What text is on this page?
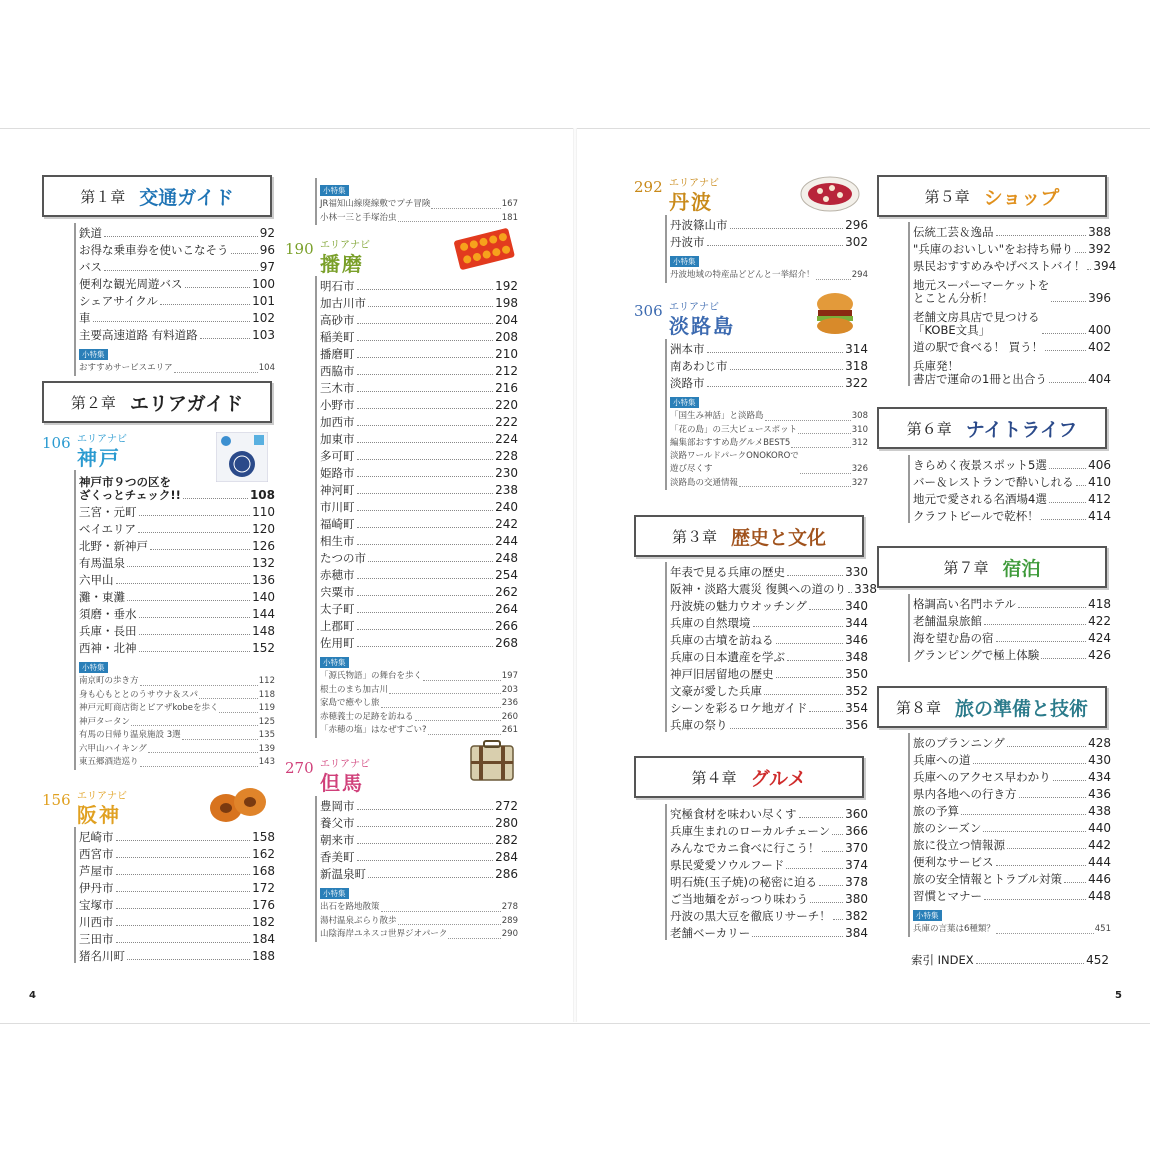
4	5
第１章 交通ガイド
鉄道	92
お得な乗車券を使いこなそう	96
バス	97
便利な観光周遊バス	100
シェアサイクル	101
車	102
主要高速道路 有料道路	103
小特集
おすすめサービスエリア	104
第２章 エリアガイド
106 エリアナビ
神戸
神戸市９つの区を
ざくっとチェック!!	108
三宮・元町	110
ベイエリア	120
北野・新神戸	126
有馬温泉	132
六甲山	136
灘・東灘	140
須磨・垂水	144
兵庫・長田	148
西神・北神	152
小特集
南京町の歩き方	112
身も心もととのうサウナ＆スパ	118
神戸元町商店街とピアザkobeを歩く	119
神戸タータン	125
有馬の日帰り温泉施設 3選	135
六甲山ハイキング	139
東五郷酒造巡り	143
156 エリアナビ
阪神
尼崎市	158
西宮市	162
芦屋市	168
伊丹市	172
宝塚市	176
川西市	182
三田市	184
猪名川町	188
小特集
JR福知山線廃線敷でプチ冒険	167
小林一三と手塚治虫	181
190 エリアナビ
播磨
明石市	192
加古川市	198
高砂市	204
稲美町	208
播磨町	210
西脇市	212
三木市	216
小野市	220
加西市	222
加東市	224
多可町	228
姫路市	230
神河町	238
市川町	240
福崎町	242
相生市	244
たつの市	248
赤穂市	254
宍粟市	262
太子町	264
上郡町	266
佐用町	268
小特集
「源氏物語」の舞台を歩く	197
根土のまち加古川	203
家島で癒やし旅	236
赤穂義士の足跡を訪ねる	260
「赤穂の塩」はなぜすごい?	261
270 エリアナビ
但馬
豊岡市	272
養父市	280
朝来市	282
香美町	284
新温泉町	286
小特集
出石を路地散策	278
湯村温泉ぶらり散歩	289
山陰海岸ユネスコ世界ジオパーク	290
292 エリアナビ
丹波
丹波篠山市	296
丹波市	302
小特集
丹波地域の特産品どどんと一挙紹介！	294
306 エリアナビ
淡路島
洲本市	314
南あわじ市	318
淡路市	322
小特集
「国生み神話」と淡路島	308
「花の島」の三大ビュースポット	310
編集部おすすめ島グルメBEST5	312
淡路ワールドパークONOKOROで
遊び尽くす	326
淡路島の交通情報	327
第３章 歴史と文化
年表で見る兵庫の歴史	330
阪神・淡路大震災 復興への道のり 338
丹波焼の魅力ウオッチング	340
兵庫の自然環境	344
兵庫の古墳を訪ねる	346
兵庫の日本遺産を学ぶ	348
神戸旧居留地の歴史	350
文豪が愛した兵庫	352
シーンを彩るロケ地ガイド	354
兵庫の祭り	356
第４章 グルメ
究極食材を味わい尽くす	360
兵庫生まれのローカルチェーン 366
みんなでカニ食べに行こう！ 370
県民愛愛ソウルフード	374
明石焼(玉子焼)の秘密に迫る 378
ご当地麺をがっつり味わう	380
丹波の黒大豆を徹底リサーチ！ 382
老舗ベーカリー	384
第５章 ショップ
伝統工芸＆逸品	388
"兵庫のおいしい"をお持ち帰り 392
県民おすすめみやげベストバイ！ 394
地元スーパーマーケットを
とことん分析！	396
老舗文房具店で見つける
「KOBE文具」	400
道の駅で食べる！ 買う！	402
兵庫発！
書店で運命の1冊と出合う	404
第６章 ナイトライフ
きらめく夜景スポット5選	406
バー＆レストランで酔いしれる 410
地元で愛される名酒場4選	412
クラフトビールで乾杯！	414
第７章 宿泊
格調高い名門ホテル	418
老舗温泉旅館	422
海を望む島の宿	424
グランピングで極上体験	426
第８章 旅の準備と技術
旅のプランニング	428
兵庫への道	430
兵庫へのアクセス早わかり	434
県内各地への行き方	436
旅の予算	438
旅のシーズン	440
旅に役立つ情報源	442
便利なサービス	444
旅の安全情報とトラブル対策 446
習慣とマナー	448
小特集
兵庫の言葉は6種類？	451
索引 INDEX	452
